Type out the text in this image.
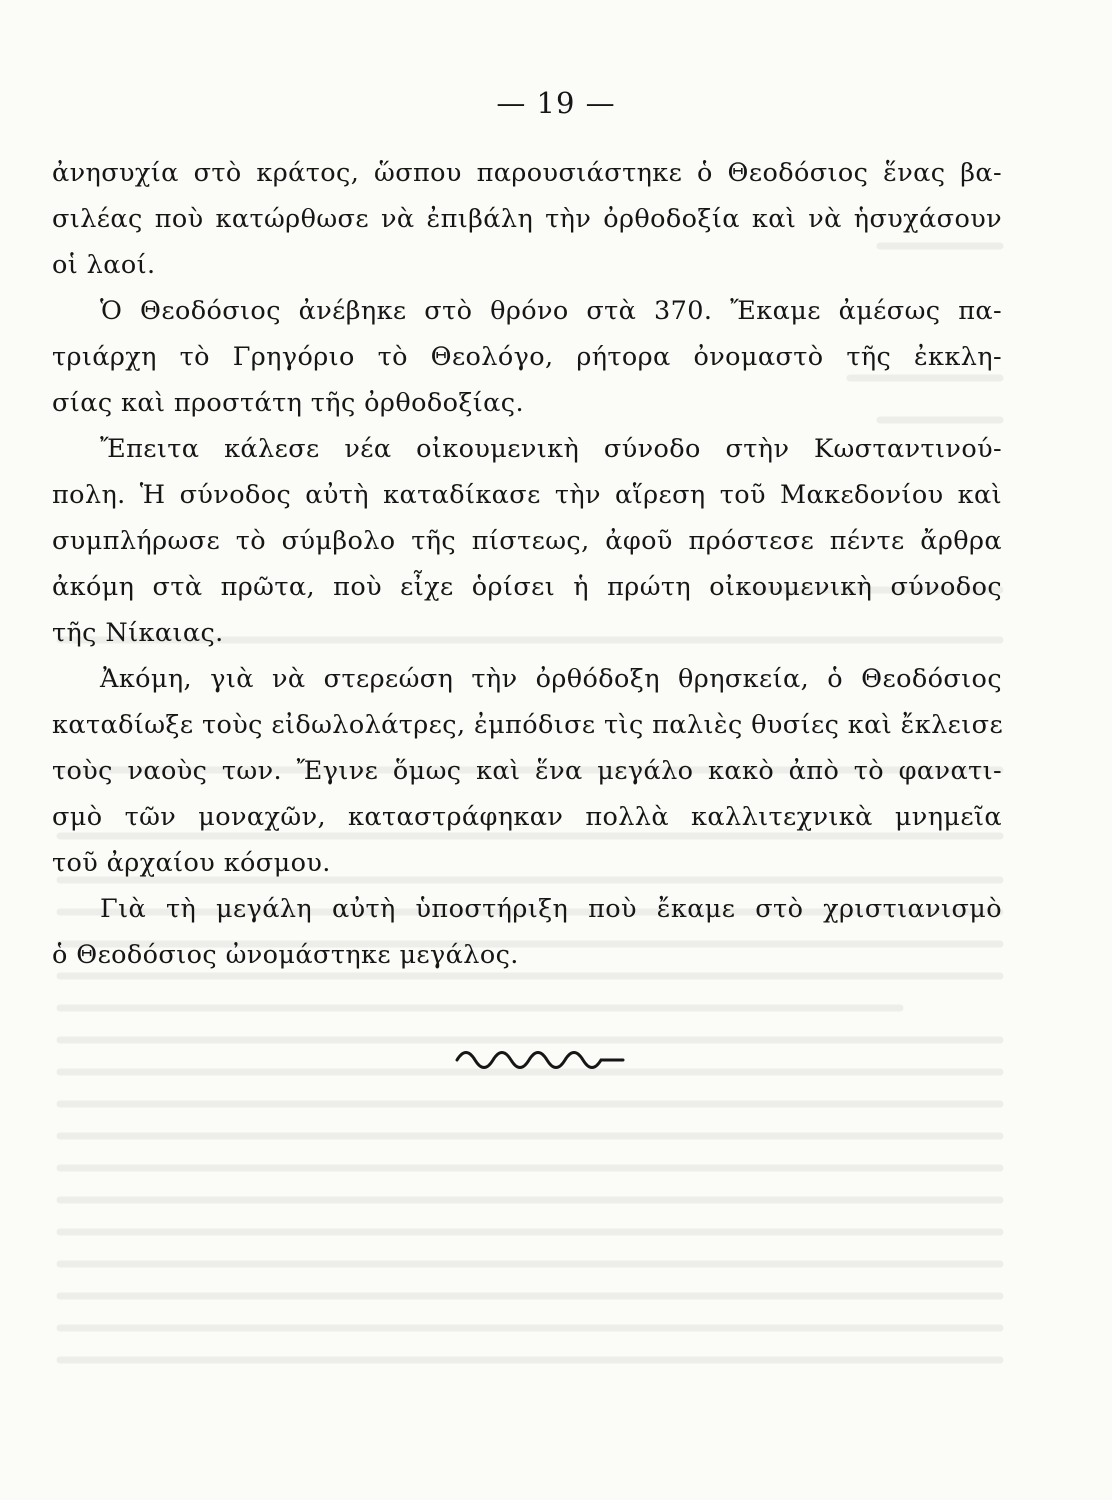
— 19 —
ἀνησυχία στὸ κράτος, ὥσπου παρουσιάστηκε ὁ Θεοδόσιος ἕνας βα-
σιλέας ποὺ κατώρθωσε νὰ ἐπιβάλη τὴν ὀρθοδοξία καὶ νὰ ἡσυχάσουν
οἱ λαοί.
Ὁ Θεοδόσιος ἀνέβηκε στὸ θρόνο στὰ 370. Ἔκαμε ἀμέσως πα-
τριάρχη τὸ Γρηγόριο τὸ Θεολόγο, ρήτορα ὀνομαστὸ τῆς ἐκκλη-
σίας καὶ προστάτη τῆς ὀρθοδοξίας.
Ἔπειτα κάλεσε νέα οἰκουμενικὴ σύνοδο στὴν Κωσταντινού-
πολη. Ἡ σύνοδος αὐτὴ καταδίκασε τὴν αἵρεση τοῦ Μακεδονίου καὶ
συμπλήρωσε τὸ σύμβολο τῆς πίστεως, ἀφοῦ πρόστεσε πέντε ἄρθρα
ἀκόμη στὰ πρῶτα, ποὺ εἶχε ὁρίσει ἡ πρώτη οἰκουμενικὴ σύνοδος
τῆς Νίκαιας.
Ἀκόμη, γιὰ νὰ στερεώση τὴν ὀρθόδοξη θρησκεία, ὁ Θεοδόσιος
καταδίωξε τοὺς εἰδωλολάτρες, ἐμπόδισε τὶς παλιὲς θυσίες καὶ ἔκλεισε
τοὺς ναοὺς των. Ἔγινε ὅμως καὶ ἕνα μεγάλο κακὸ ἀπὸ τὸ φανατι-
σμὸ τῶν μοναχῶν, καταστράφηκαν πολλὰ καλλιτεχνικὰ μνημεῖα
τοῦ ἀρχαίου κόσμου.
Γιὰ τὴ μεγάλη αὐτὴ ὑποστήριξη ποὺ ἔκαμε στὸ χριστιανισμὸ
ὁ Θεοδόσιος ὠνομάστηκε μεγάλος.
